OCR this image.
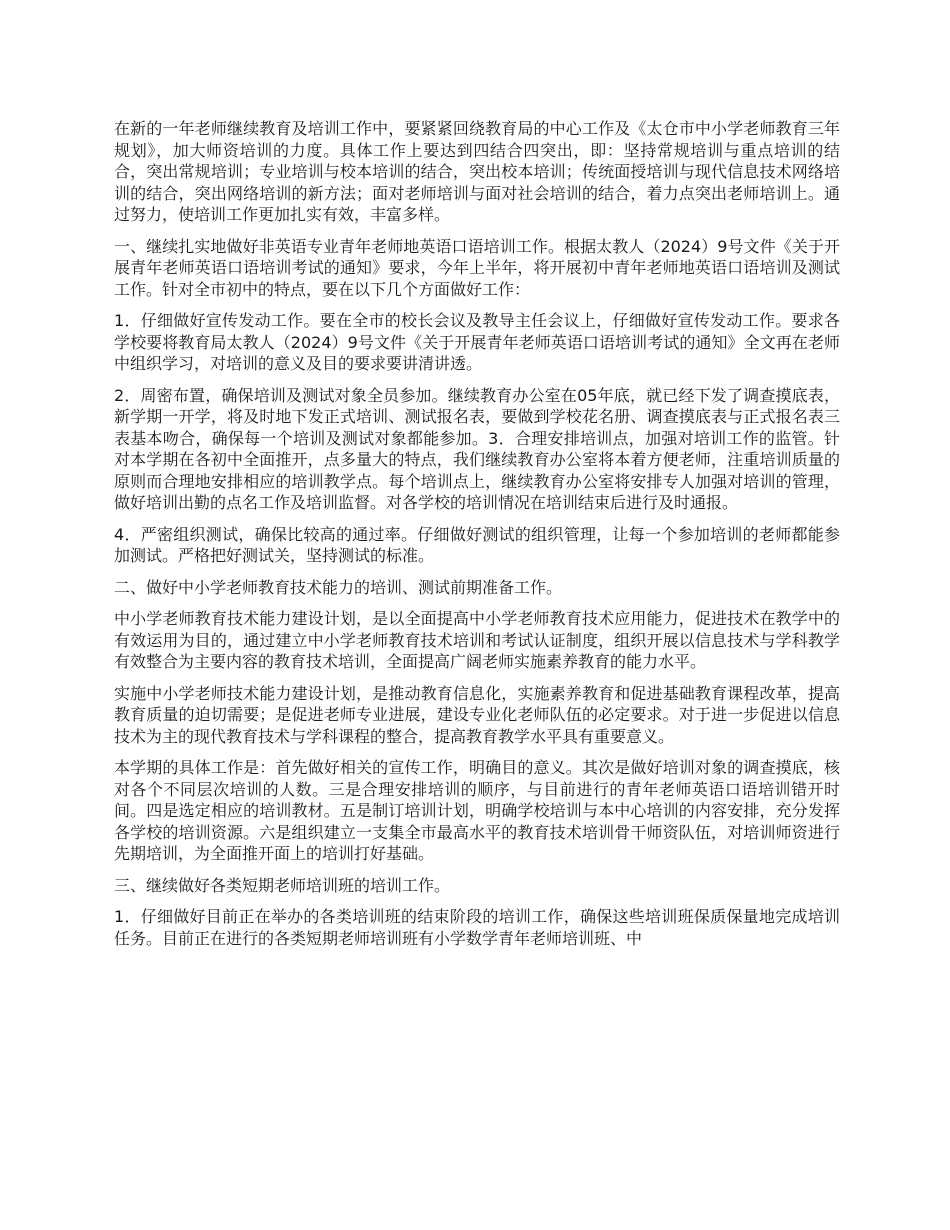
在新的一年老师继续教育及培训工作中，要紧紧回绕教育局的中心工作及《太仓市中小学老师教育三年规划》，加大师资培训的力度。具体工作上要达到四结合四突出，即：坚持常规培训与重点培训的结合，突出常规培训；专业培训与校本培训的结合，突出校本培训；传统面授培训与现代信息技术网络培训的结合，突出网络培训的新方法；面对老师培训与面对社会培训的结合，着力点突出老师培训上。通过努力，使培训工作更加扎实有效，丰富多样。

一、继续扎实地做好非英语专业青年老师地英语口语培训工作。根据太教人（2024）9号文件《关于开展青年老师英语口语培训考试的通知》要求，今年上半年，将开展初中青年老师地英语口语培训及测试工作。针对全市初中的特点，要在以下几个方面做好工作：

1．仔细做好宣传发动工作。要在全市的校长会议及教导主任会议上，仔细做好宣传发动工作。要求各学校要将教育局太教人（2024）9号文件《关于开展青年老师英语口语培训考试的通知》全文再在老师中组织学习，对培训的意义及目的要求要讲清讲透。

2．周密布置，确保培训及测试对象全员参加。继续教育办公室在05年底，就已经下发了调查摸底表，新学期一开学，将及时地下发正式培训、测试报名表，要做到学校花名册、调查摸底表与正式报名表三表基本吻合，确保每一个培训及测试对象都能参加。3．合理安排培训点，加强对培训工作的监管。针对本学期在各初中全面推开，点多量大的特点，我们继续教育办公室将本着方便老师，注重培训质量的原则而合理地安排相应的培训教学点。每个培训点上，继续教育办公室将安排专人加强对培训的管理，做好培训出勤的点名工作及培训监督。对各学校的培训情况在培训结束后进行及时通报。

4．严密组织测试，确保比较高的通过率。仔细做好测试的组织管理，让每一个参加培训的老师都能参加测试。严格把好测试关，坚持测试的标准。

二、做好中小学老师教育技术能力的培训、测试前期准备工作。

中小学老师教育技术能力建设计划，是以全面提高中小学老师教育技术应用能力，促进技术在教学中的有效运用为目的，通过建立中小学老师教育技术培训和考试认证制度，组织开展以信息技术与学科教学有效整合为主要内容的教育技术培训，全面提高广阔老师实施素养教育的能力水平。

实施中小学老师技术能力建设计划，是推动教育信息化，实施素养教育和促进基础教育课程改革，提高教育质量的迫切需要；是促进老师专业进展，建设专业化老师队伍的必定要求。对于进一步促进以信息技术为主的现代教育技术与学科课程的整合，提高教育教学水平具有重要意义。

本学期的具体工作是：首先做好相关的宣传工作，明确目的意义。其次是做好培训对象的调查摸底，核对各个不同层次培训的人数。三是合理安排培训的顺序，与目前进行的青年老师英语口语培训错开时间。四是选定相应的培训教材。五是制订培训计划，明确学校培训与本中心培训的内容安排，充分发挥各学校的培训资源。六是组织建立一支集全市最高水平的教育技术培训骨干师资队伍，对培训师资进行先期培训，为全面推开面上的培训打好基础。

三、继续做好各类短期老师培训班的培训工作。

1．仔细做好目前正在举办的各类培训班的结束阶段的培训工作，确保这些培训班保质保量地完成培训任务。目前正在进行的各类短期老师培训班有小学数学青年老师培训班、中
